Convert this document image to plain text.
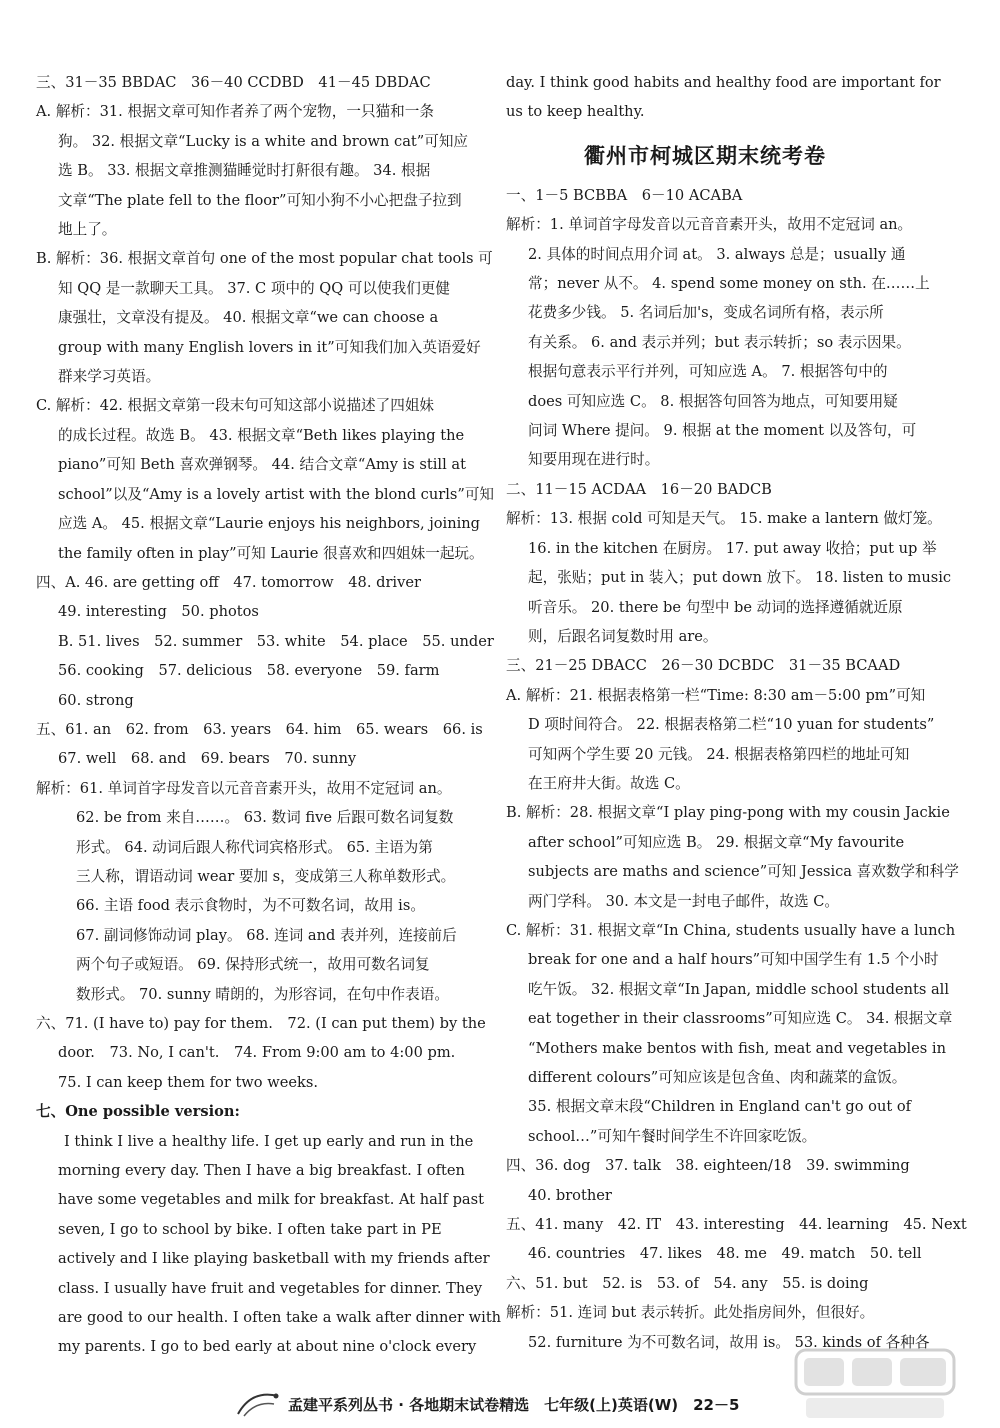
三、31－35 BBDAC　36－40 CCDBD　41－45 DBDAC
A. 解析：31. 根据文章可知作者养了两个宠物，一只猫和一条
狗。 32. 根据文章“Lucky is a white and brown cat”可知应
选 B。 33. 根据文章推测猫睡觉时打鼾很有趣。 34. 根据
文章“The plate fell to the floor”可知小狗不小心把盘子拉到
地上了。
B. 解析：36. 根据文章首句 one of the most popular chat tools 可
知 QQ 是一款聊天工具。 37. C 项中的 QQ 可以使我们更健
康强壮，文章没有提及。 40. 根据文章“we can choose a
group with many English lovers in it”可知我们加入英语爱好
群来学习英语。
C. 解析：42. 根据文章第一段末句可知这部小说描述了四姐妹
的成长过程。故选 B。 43. 根据文章“Beth likes playing the
piano”可知 Beth 喜欢弹钢琴。 44. 结合文章“Amy is still at
school”以及“Amy is a lovely artist with the blond curls”可知
应选 A。 45. 根据文章“Laurie enjoys his neighbors, joining
the family often in play”可知 Laurie 很喜欢和四姐妹一起玩。
四、A. 46. are getting off　47. tomorrow　48. driver
49. interesting　50. photos
B. 51. lives　52. summer　53. white　54. place　55. under
56. cooking　57. delicious　58. everyone　59. farm
60. strong
五、61. an　62. from　63. years　64. him　65. wears　66. is
67. well　68. and　69. bears　70. sunny
解析：61. 单词首字母发音以元音音素开头，故用不定冠词 an。
62. be from 来自……。 63. 数词 five 后跟可数名词复数
形式。 64. 动词后跟人称代词宾格形式。 65. 主语为第
三人称，谓语动词 wear 要加 s，变成第三人称单数形式。
66. 主语 food 表示食物时，为不可数名词，故用 is。
67. 副词修饰动词 play。 68. 连词 and 表并列，连接前后
两个句子或短语。 69. 保持形式统一，故用可数名词复
数形式。 70. sunny 晴朗的，为形容词，在句中作表语。
六、71. (I have to) pay for them.　72. (I can put them) by the
door.　73. No, I can't.　74. From 9:00 am to 4:00 pm.
75. I can keep them for two weeks.
七、One possible version:
I think I live a healthy life. I get up early and run in the
morning every day. Then I have a big breakfast. I often
have some vegetables and milk for breakfast. At half past
seven, I go to school by bike. I often take part in PE
actively and I like playing basketball with my friends after
class. I usually have fruit and vegetables for dinner. They
are good to our health. I often take a walk after dinner with
my parents. I go to bed early at about nine o'clock every
day. I think good habits and healthy food are important for
us to keep healthy.
衢州市柯城区期末统考卷
一、1－5 BCBBA　6－10 ACABA
解析：1. 单词首字母发音以元音音素开头，故用不定冠词 an。
2. 具体的时间点用介词 at。 3. always 总是；usually 通
常；never 从不。 4. spend some money on sth. 在……上
花费多少钱。 5. 名词后加's，变成名词所有格，表示所
有关系。 6. and 表示并列；but 表示转折；so 表示因果。
根据句意表示平行并列，可知应选 A。 7. 根据答句中的
does 可知应选 C。 8. 根据答句回答为地点，可知要用疑
问词 Where 提问。 9. 根据 at the moment 以及答句，可
知要用现在进行时。
二、11－15 ACDAA　16－20 BADCB
解析：13. 根据 cold 可知是天气。 15. make a lantern 做灯笼。
16. in the kitchen 在厨房。 17. put away 收拾；put up 举
起，张贴；put in 装入；put down 放下。 18. listen to music
听音乐。 20. there be 句型中 be 动词的选择遵循就近原
则，后跟名词复数时用 are。
三、21－25 DBACC　26－30 DCBDC　31－35 BCAAD
A. 解析：21. 根据表格第一栏“Time: 8:30 am－5:00 pm”可知
D 项时间符合。 22. 根据表格第二栏“10 yuan for students”
可知两个学生要 20 元钱。 24. 根据表格第四栏的地址可知
在王府井大街。故选 C。
B. 解析：28. 根据文章“I play ping-pong with my cousin Jackie
after school”可知应选 B。 29. 根据文章“My favourite
subjects are maths and science”可知 Jessica 喜欢数学和科学
两门学科。 30. 本文是一封电子邮件，故选 C。
C. 解析：31. 根据文章“In China, students usually have a lunch
break for one and a half hours”可知中国学生有 1.5 个小时
吃午饭。 32. 根据文章“In Japan, middle school students all
eat together in their classrooms”可知应选 C。 34. 根据文章
“Mothers make bentos with fish, meat and vegetables in
different colours”可知应该是包含鱼、肉和蔬菜的盒饭。
35. 根据文章末段“Children in England can't go out of
school…”可知午餐时间学生不许回家吃饭。
四、36. dog　37. talk　38. eighteen/18　39. swimming
40. brother
五、41. many　42. IT　43. interesting　44. learning　45. Next
46. countries　47. likes　48. me　49. match　50. tell
六、51. but　52. is　53. of　54. any　55. is doing
解析：51. 连词 but 表示转折。此处指房间外，但很好。
52. furniture 为不可数名词，故用 is。 53. kinds of 各种各
孟建平系列丛书 · 各地期末试卷精选　七年级(上)英语(W)　22－5
